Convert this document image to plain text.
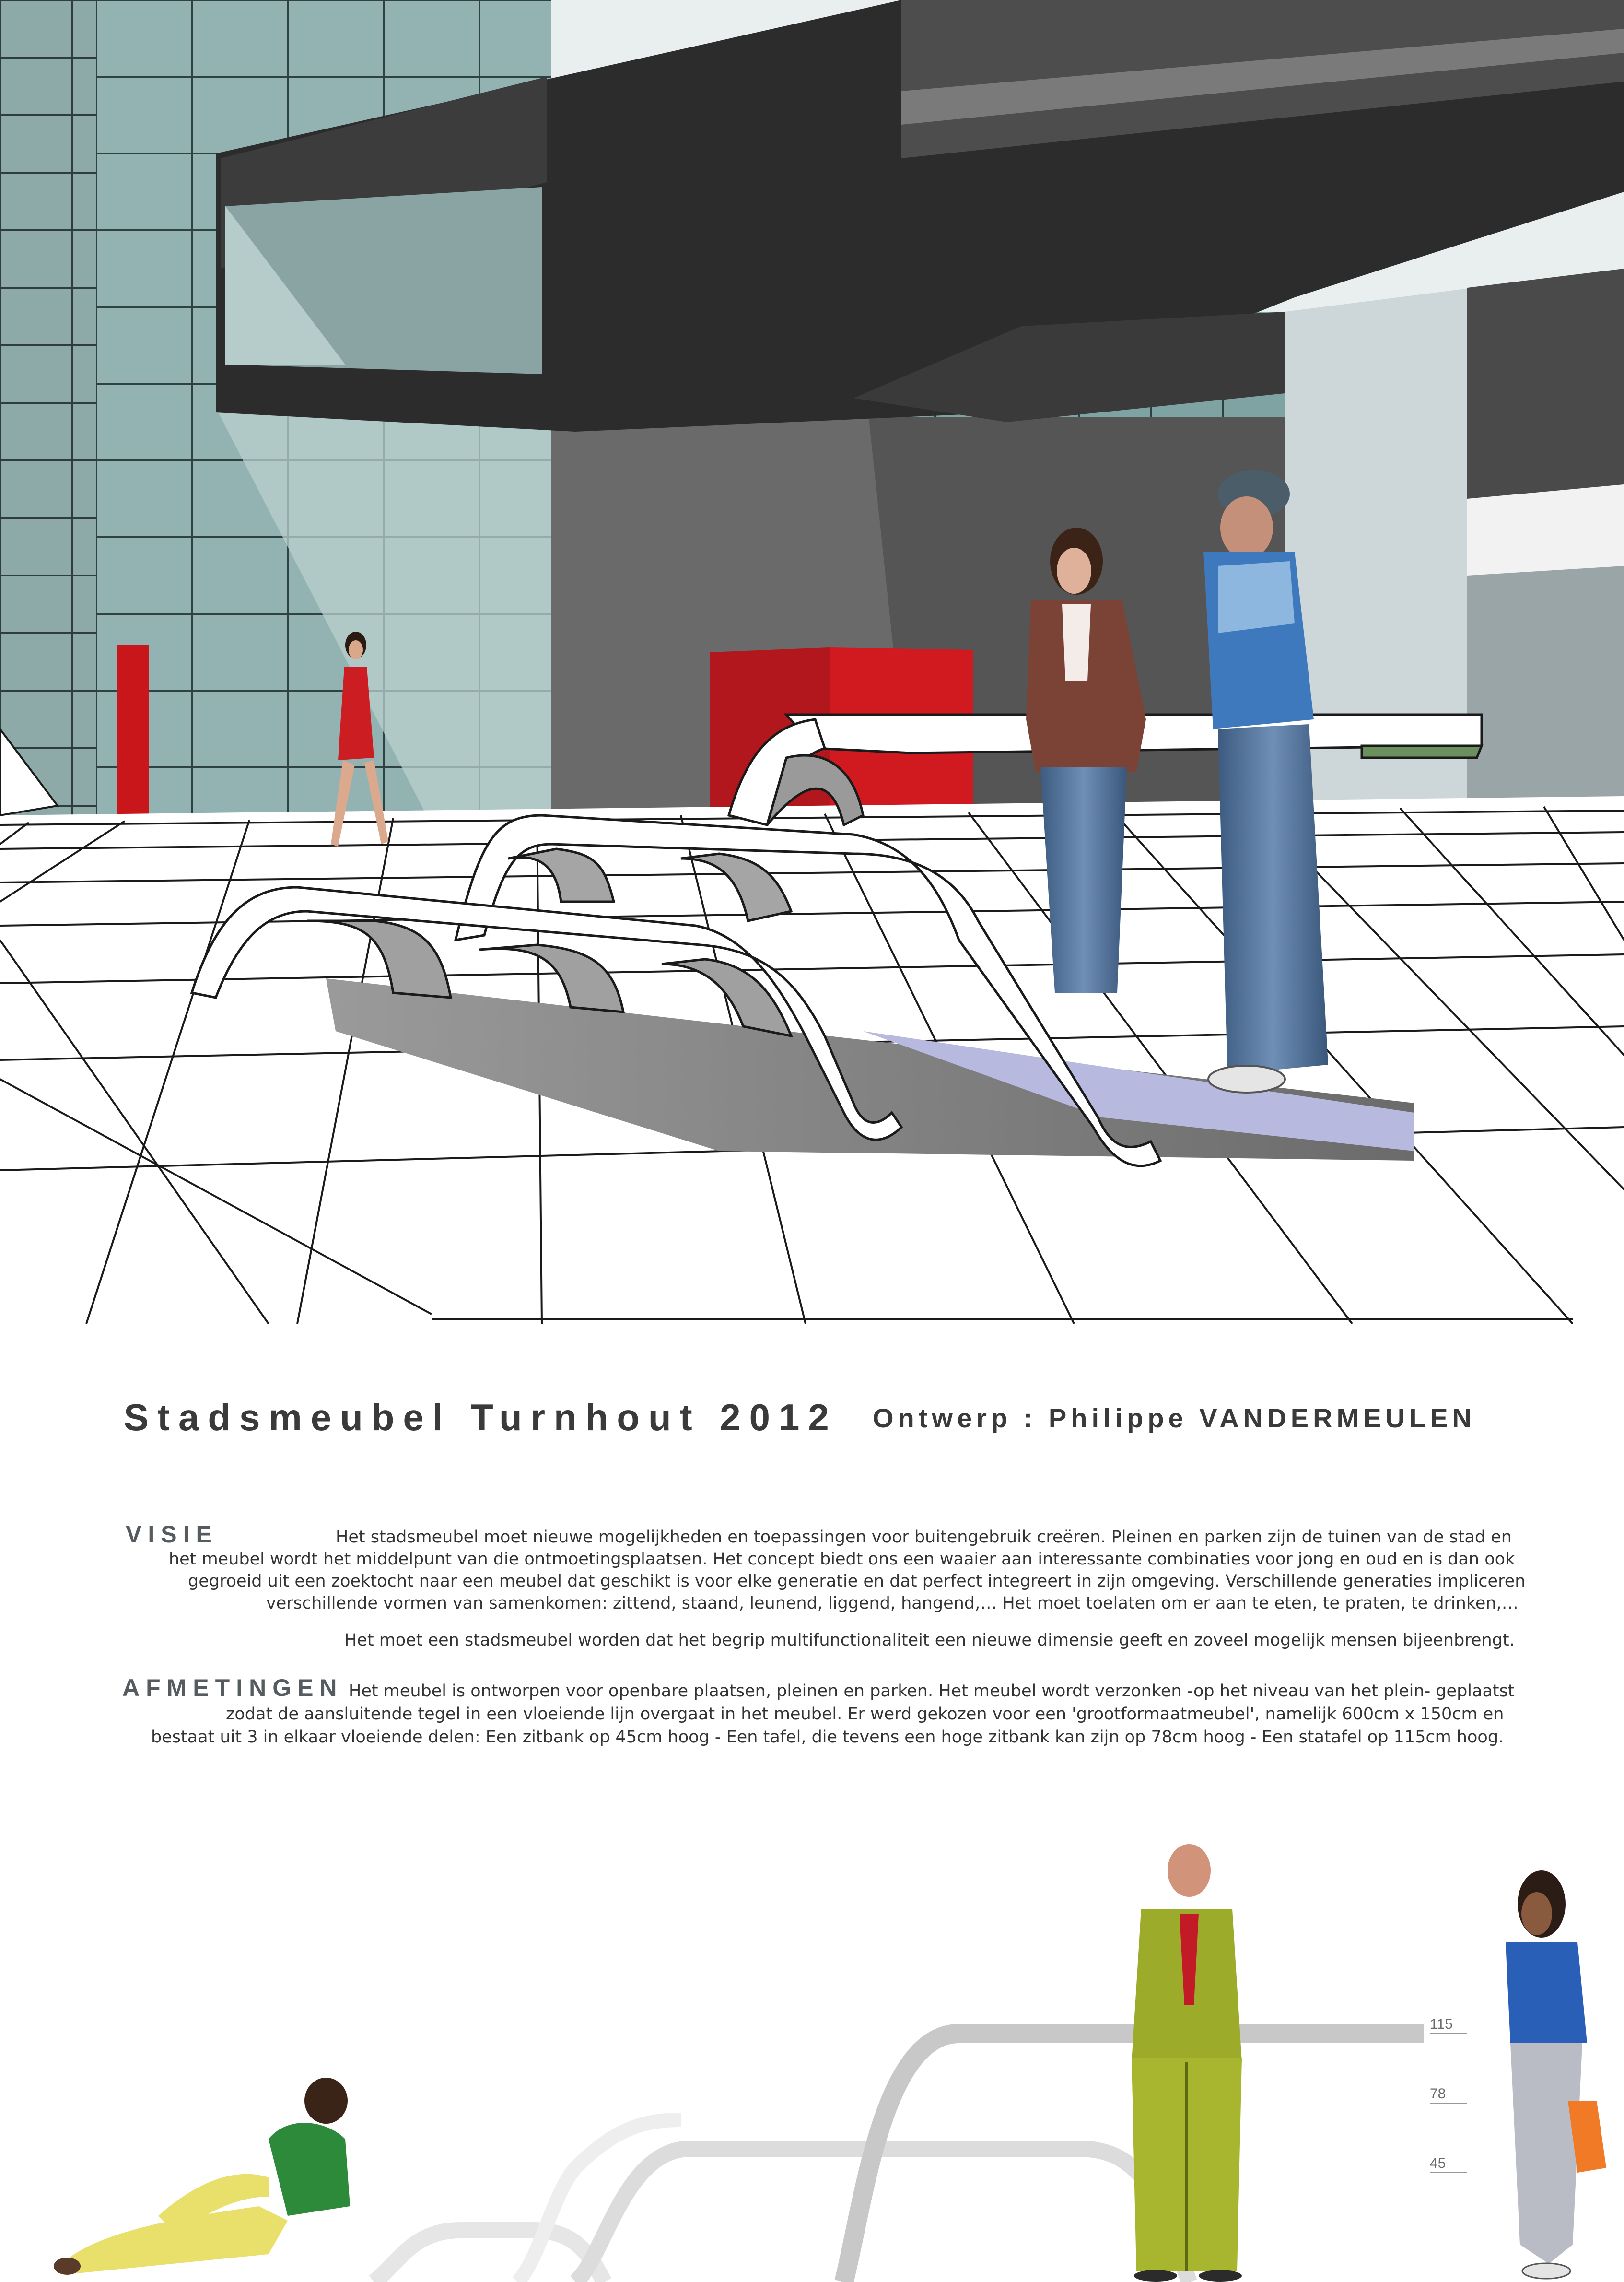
Stadsmeubel Turnhout 2012 Ontwerp : Philippe VANDERMEULEN
VISIE	Het stadsmeubel moet nieuwe mogelijkheden en toepassingen voor buitengebruik creëren. Pleinen en parken zijn de tuinen van de stad en
het meubel wordt het middelpunt van die ontmoetingsplaatsen. Het concept biedt ons een waaier aan interessante combinaties voor jong en oud en is dan ook
gegroeid uit een zoektocht naar een meubel dat geschikt is voor elke generatie en dat perfect integreert in zijn omgeving. Verschillende generaties impliceren
verschillende vormen van samenkomen: zittend, staand, leunend, liggend, hangend,… Het moet toelaten om er aan te eten, te praten, te drinken,…
Het moet een stadsmeubel worden dat het begrip multifunctionaliteit een nieuwe dimensie geeft en zoveel mogelijk mensen bijeenbrengt.
AFMETINGEN Het meubel is ontworpen voor openbare plaatsen, pleinen en parken. Het meubel wordt verzonken -op het niveau van het plein- geplaatst
zodat de aansluitende tegel in een vloeiende lijn overgaat in het meubel. Er werd gekozen voor een 'grootformaatmeubel', namelijk 600cm x 150cm en
bestaat uit 3 in elkaar vloeiende delen: Een zitbank op 45cm hoog - Een tafel, die tevens een hoge zitbank kan zijn op 78cm hoog - Een statafel op 115cm hoog.
115
78
45
